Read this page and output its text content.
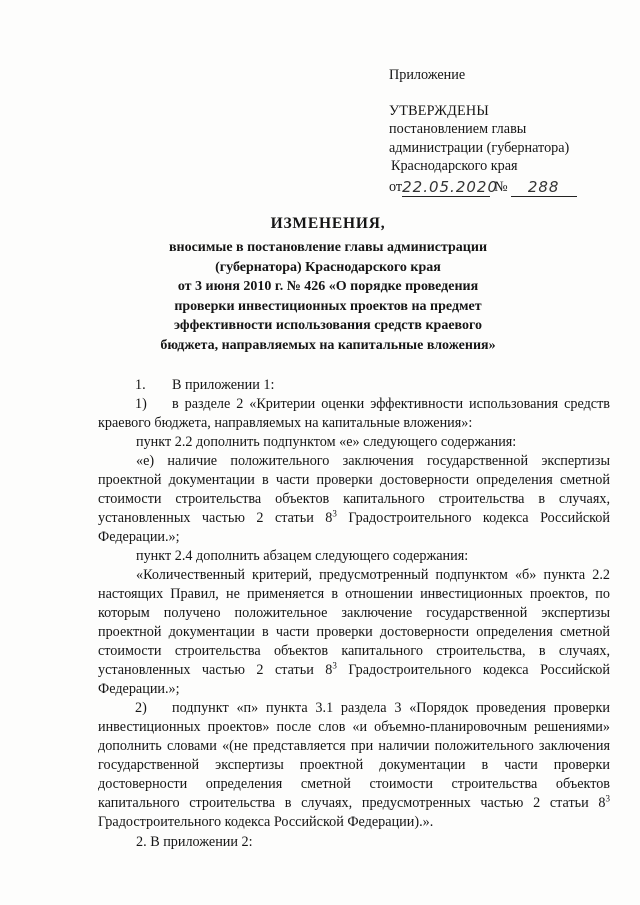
Приложение
УТВЕРЖДЕНЫ
постановлением главы
администрации (губернатора)
Краснодарского края
от 22.05.2020
№	288
ИЗМЕНЕНИЯ,
вносимые в постановление главы администрации
(губернатора) Краснодарского края
от 3 июня 2010 г. № 426 «О порядке проведения
проверки инвестиционных проектов на предмет
эффективности использования средств краевого
бюджета, направляемых на капитальные вложения»
1.	В приложении 1:

1) в разделе 2 «Критерии оценки эффективности использования средств краевого бюджета, направляемых на капитальные вложения»:

пункт 2.2 дополнить подпунктом «е» следующего содержания:

«е) наличие положительного заключения государственной экспертизы проектной документации в части проверки достоверности определения сметной стоимости строительства объектов капитального строительства в случаях, установленных частью 2 статьи $8^3$ Градостроительного кодекса Российской Федерации.»;

пункт 2.4 дополнить абзацем следующего содержания:

«Количественный критерий, предусмотренный подпунктом «б» пункта 2.2 настоящих Правил, не применяется в отношении инвестиционных проектов, по которым получено положительное заключение государственной экспертизы проектной документации в части проверки достоверности определения сметной стоимости строительства объектов капитального строительства, в случаях, установленных частью 2 статьи $8^3$ Градостроительного кодекса Российской Федерации.»;

2) подпункт «п» пункта 3.1 раздела 3 «Порядок проведения проверки инвестиционных проектов» после слов «и объемно-планировочным решениями» дополнить словами «(не представляется при наличии положительного заключения государственной экспертизы проектной документации в части проверки достоверности определения сметной стоимости строительства объектов капитального строительства в случаях, предусмотренных частью 2 статьи $8^3$ Градостроительного кодекса Российской Федерации).».

2. В приложении 2:
